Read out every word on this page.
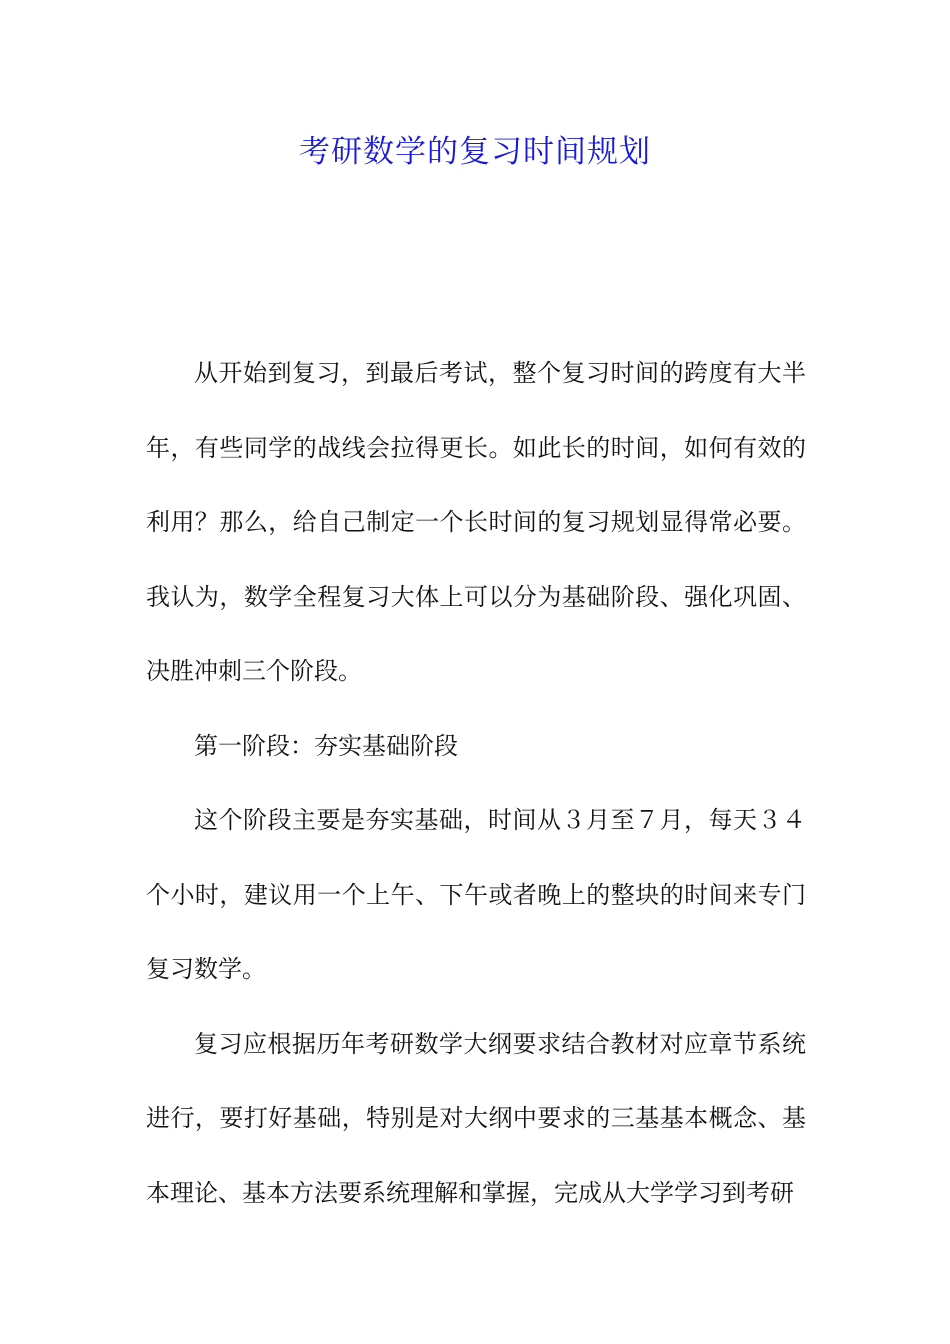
考研数学的复习时间规划

从开始到复习，到最后考试，整个复习时间的跨度有大半年，有些同学的战线会拉得更长。如此长的时间，如何有效的利用？那么，给自己制定一个长时间的复习规划显得常必要。我认为，数学全程复习大体上可以分为基础阶段、强化巩固、决胜冲刺三个阶段。

第一阶段：夯实基础阶段

这个阶段主要是夯实基础，时间从３月至７月，每天３４个小时，建议用一个上午、下午或者晚上的整块的时间来专门复习数学。

复习应根据历年考研数学大纲要求结合教材对应章节系统进行，要打好基础，特别是对大纲中要求的三基基本概念、基本理论、基本方法要系统理解和掌握，完成从大学学习到考研
